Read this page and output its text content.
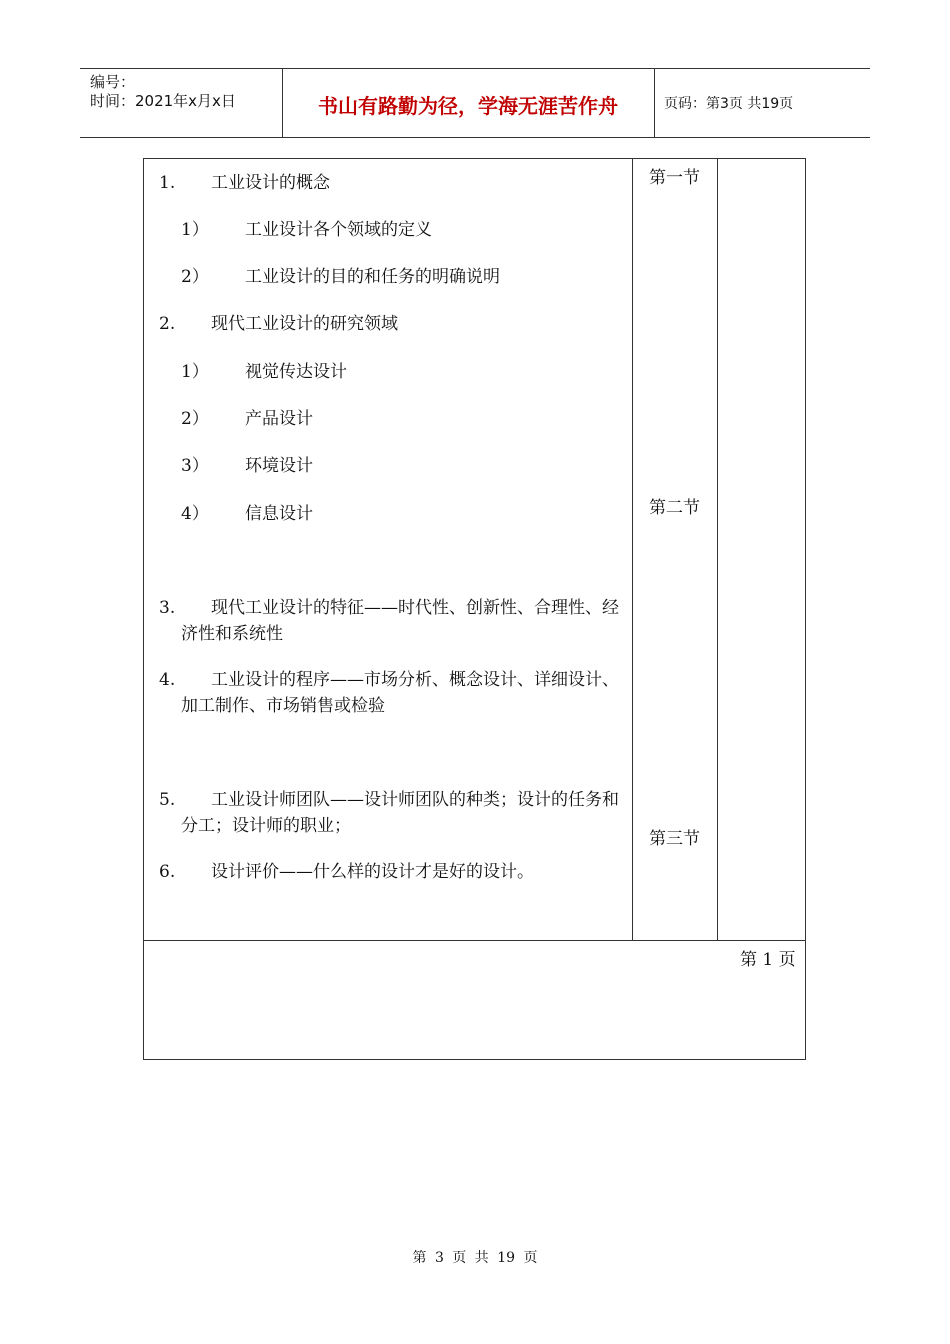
编号：
时间：2021年x月x日	书山有路勤为径，学海无涯苦作舟	页码：第3页 共19页
1. 工业设计的概念
1） 工业设计各个领域的定义
2） 工业设计的目的和任务的明确说明
2. 现代工业设计的研究领域
1） 视觉传达设计
2） 产品设计
3） 环境设计
4） 信息设计
3. 现代工业设计的特征——时代性、创新性、合理性、经济性和系统性
4. 工业设计的程序——市场分析、概念设计、详细设计、加工制作、市场销售或检验
5. 工业设计师团队——设计师团队的种类；设计的任务和分工；设计师的职业；
6. 设计评价——什么样的设计才是好的设计。
第一节
第二节
第三节
第 1 页
第 3 页 共 19 页
